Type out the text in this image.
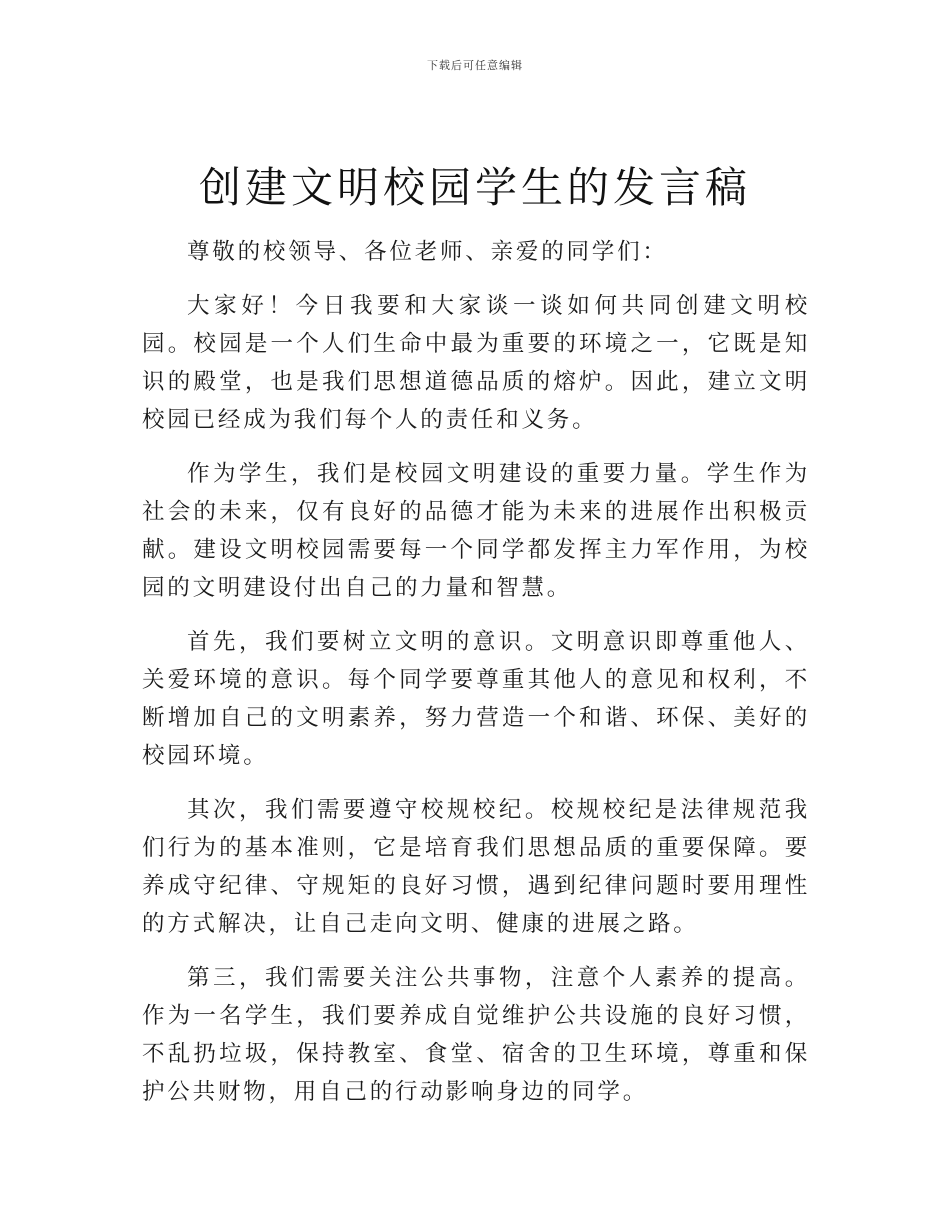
下载后可任意编辑
创建文明校园学生的发言稿

尊敬的校领导、各位老师、亲爱的同学们：

大家好！今日我要和大家谈一谈如何共同创建文明校园。校园是一个人们生命中最为重要的环境之一，它既是知识的殿堂，也是我们思想道德品质的熔炉。因此，建立文明校园已经成为我们每个人的责任和义务。

作为学生，我们是校园文明建设的重要力量。学生作为社会的未来，仅有良好的品德才能为未来的进展作出积极贡献。建设文明校园需要每一个同学都发挥主力军作用，为校园的文明建设付出自己的力量和智慧。

首先，我们要树立文明的意识。文明意识即尊重他人、关爱环境的意识。每个同学要尊重其他人的意见和权利，不断增加自己的文明素养，努力营造一个和谐、环保、美好的校园环境。

其次，我们需要遵守校规校纪。校规校纪是法律规范我们行为的基本准则，它是培育我们思想品质的重要保障。要养成守纪律、守规矩的良好习惯，遇到纪律问题时要用理性的方式解决，让自己走向文明、健康的进展之路。

第三，我们需要关注公共事物，注意个人素养的提高。作为一名学生，我们要养成自觉维护公共设施的良好习惯，不乱扔垃圾，保持教室、食堂、宿舍的卫生环境，尊重和保护公共财物，用自己的行动影响身边的同学。
